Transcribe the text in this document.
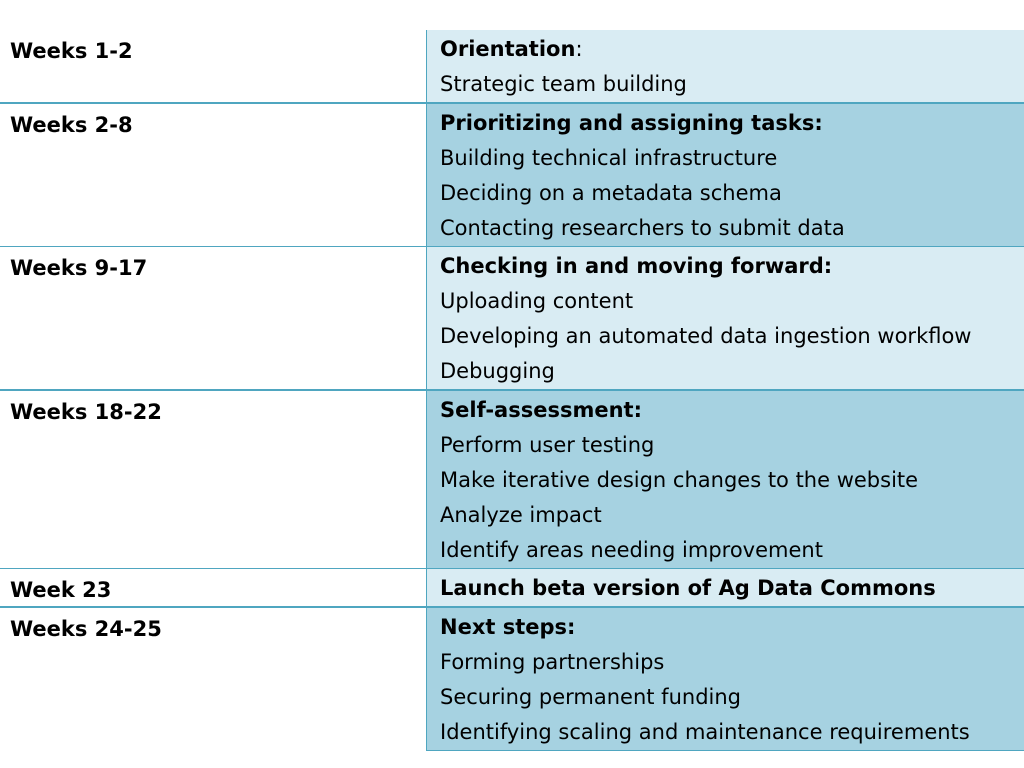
Weeks 1-2	Orientation:
Strategic team building
Weeks 2-8	Prioritizing and assigning tasks:
Building technical infrastructure
Deciding on a metadata schema
Contacting researchers to submit data
Weeks 9-17	Checking in and moving forward:
Uploading content
Developing an automated data ingestion workflow
Debugging
Weeks 18-22	Self-assessment:
Perform user testing
Make iterative design changes to the website
Analyze impact
Identify areas needing improvement
Week 23	Launch beta version of Ag Data Commons
Weeks 24-25	Next steps:
Forming partnerships
Securing permanent funding
Identifying scaling and maintenance requirements
